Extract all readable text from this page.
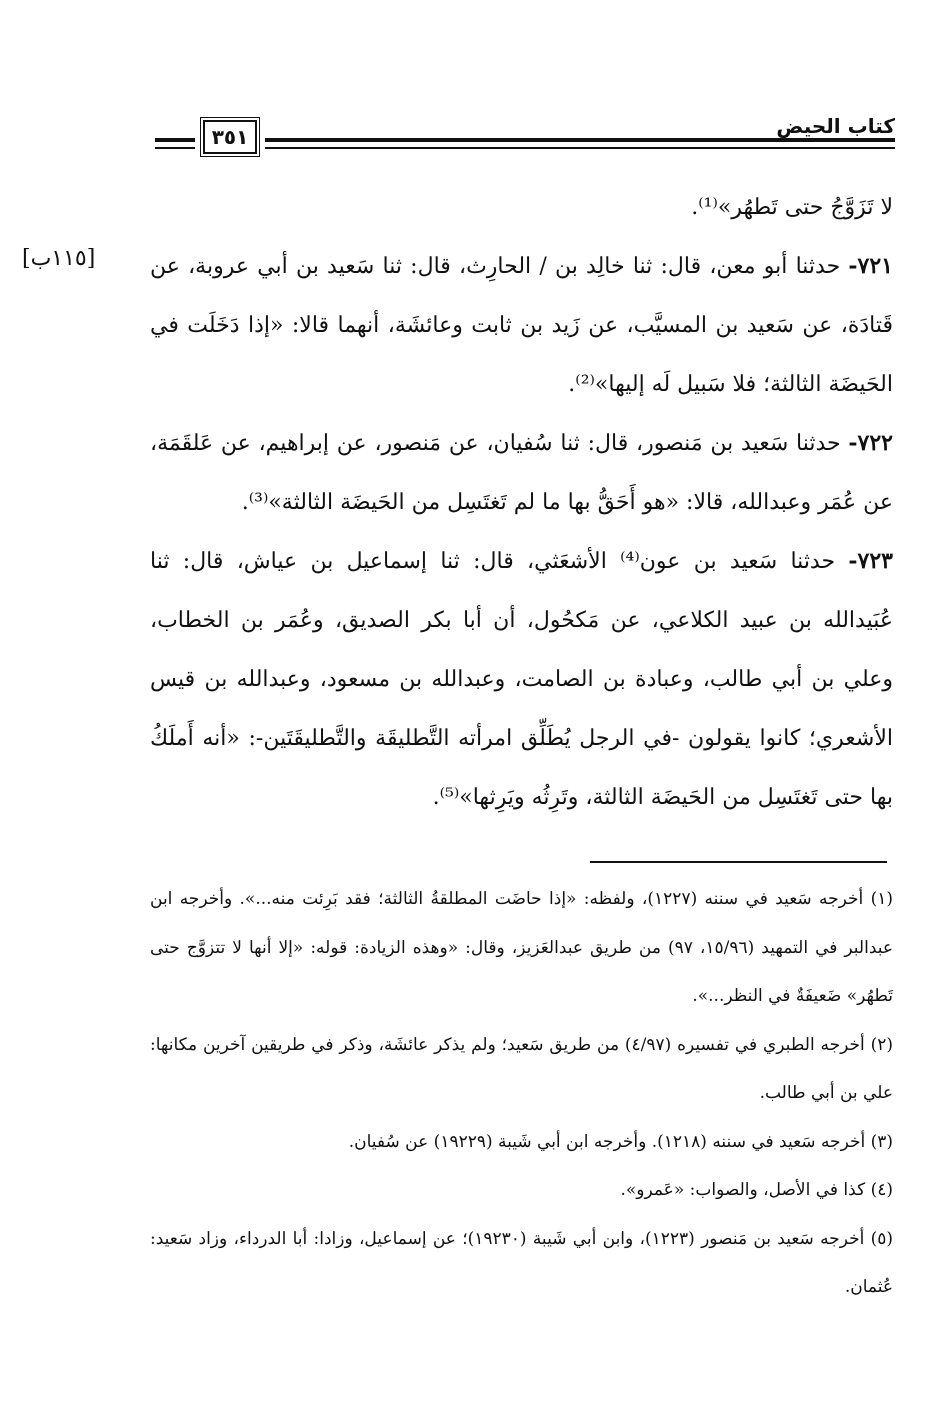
كتاب الحيض
٣٥١
[١١٥ب]

لا تَزَوَّجُ حتى تَطهُر»⁽¹⁾.

٧٢١- حدثنا أبو معن، قال: ثنا خالِد بن / الحارِث، قال: ثنا سَعيد بن أبي عروبة، عن قَتادَة، عن سَعيد بن المسيَّب، عن زَيد بن ثابت وعائشَة، أنهما قالا: «إذا دَخَلَت في الحَيضَة الثالثة؛ فلا سَبيل لَه إليها»⁽²⁾.

٧٢٢- حدثنا سَعيد بن مَنصور، قال: ثنا سُفيان، عن مَنصور، عن إبراهيم، عن عَلقَمَة، عن عُمَر وعبدالله، قالا: «هو أَحَقُّ بها ما لم تَغتَسِل من الحَيضَة الثالثة»⁽³⁾.

٧٢٣- حدثنا سَعيد بن عون⁽⁴⁾ الأشعَثي، قال: ثنا إسماعيل بن عياش، قال: ثنا عُبَيدالله بن عبيد الكلاعي، عن مَكحُول، أن أبا بكر الصديق، وعُمَر بن الخطاب، وعلي بن أبي طالب، وعبادة بن الصامت، وعبدالله بن مسعود، وعبدالله بن قيس الأشعري؛ كانوا يقولون -في الرجل يُطَلِّق امرأته التَّطليقَة والتَّطليقَتَين-: «أنه أَملَكُ بها حتى تَغتَسِل من الحَيضَة الثالثة، وتَرِثُه ويَرِثها»⁽⁵⁾.

(١) أخرجه سَعيد في سننه (١٢٢٧)، ولفظه: «إذا حاضَت المطلقةُ الثالثة؛ فقد بَرِئت منه...». وأخرجه ابن عبدالبر في التمهيد (١٥/٩٦، ٩٧) من طريق عبدالعَزيز، وقال: «وهذه الزيادة: قوله: «إلا أنها لا تتزوَّج حتى تَطهُر» ضَعيفَةٌ في النظر...».

(٢) أخرجه الطبري في تفسيره (٤/٩٧) من طريق سَعيد؛ ولم يذكر عائشَة، وذكر في طريقين آخرين مكانها: علي بن أبي طالب.

(٣) أخرجه سَعيد في سننه (١٢١٨). وأخرجه ابن أبي شَيبة (١٩٢٢٩) عن سُفيان.

(٤) كذا في الأصل، والصواب: «عَمرو».

(٥) أخرجه سَعيد بن مَنصور (١٢٢٣)، وابن أبي شَيبة (١٩٢٣٠)؛ عن إسماعيل، وزادا: أبا الدرداء، وزاد سَعيد: عُثمان.
